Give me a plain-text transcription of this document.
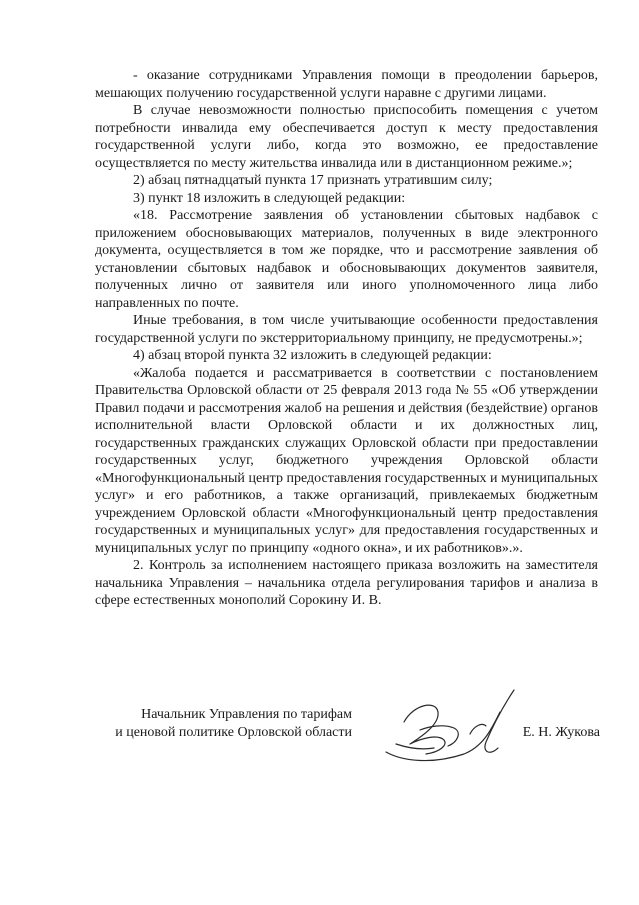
- оказание сотрудниками Управления помощи в преодолении барьеров, мешающих получению государственной услуги наравне с другими лицами.

В случае невозможности полностью приспособить помещения с учетом потребности инвалида ему обеспечивается доступ к месту предоставления государственной услуги либо, когда это возможно, ее предоставление осуществляется по месту жительства инвалида или в дистанционном режиме.»;

2) абзац пятнадцатый пункта 17 признать утратившим силу;

3) пункт 18 изложить в следующей редакции:

«18. Рассмотрение заявления об установлении сбытовых надбавок с приложением обосновывающих материалов, полученных в виде электронного документа, осуществляется в том же порядке, что и рассмотрение заявления об установлении сбытовых надбавок и обосновывающих документов заявителя, полученных лично от заявителя или иного уполномоченного лица либо направленных по почте.

Иные требования, в том числе учитывающие особенности предоставления государственной услуги по экстерриториальному принципу, не предусмотрены.»;

4) абзац второй пункта 32 изложить в следующей редакции:

«Жалоба подается и рассматривается в соответствии с постановлением Правительства Орловской области от 25 февраля 2013 года № 55 «Об утверждении Правил подачи и рассмотрения жалоб на решения и действия (бездействие) органов исполнительной власти Орловской области и их должностных лиц, государственных гражданских служащих Орловской области при предоставлении государственных услуг, бюджетного учреждения Орловской области «Многофункциональный центр предоставления государственных и муниципальных услуг» и его работников, а также организаций, привлекаемых бюджетным учреждением Орловской области «Многофункциональный центр предоставления государственных и муниципальных услуг» для предоставления государственных и муниципальных услуг по принципу «одного окна», и их работников».».

2. Контроль за исполнением настоящего приказа возложить на заместителя начальника Управления – начальника отдела регулирования тарифов и анализа в сфере естественных монополий Сорокину И. В.

Начальник Управления по тарифам
и ценовой политике Орловской области	Е. Н. Жукова
